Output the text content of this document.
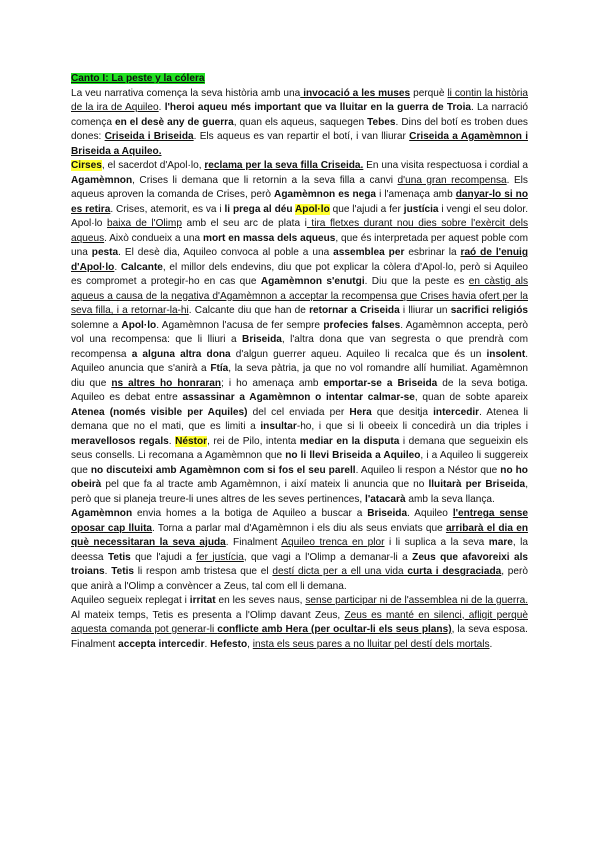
Canto I: La peste y la cólera

La veu narrativa comença la seva història amb una invocació a les muses perquè li contin la història de la ira de Aquileo. l'heroi aqueu més important que va lluitar en la guerra de Troia. La narració comença en el desè any de guerra, quan els aqueus, saquegen Tebes. Dins del botí es troben dues dones: Criseida i Briseida. Els aqueus es van repartir el botí, i van lliurar Criseida a Agamèmnon i Briseida a Aquileo.

Cirses, el sacerdot d'Apol·lo, reclama per la seva filla Criseida. En una visita respectuosa i cordial a Agamèmnon, Crises li demana que li retornin a la seva filla a canvi d'una gran recompensa. Els aqueus aproven la comanda de Crises, però Agamèmnon es nega i l'amenaça amb danyar-lo si no es retira. Crises, atemorit, es va i li prega al déu Apol·lo que l'ajudi a fer justícia i vengi el seu dolor. Apol·lo baixa de l'Olimp amb el seu arc de plata i tira fletxes durant nou dies sobre l'exèrcit dels aqueus. Això condueix a una mort en massa dels aqueus, que és interpretada per aquest poble com una pesta. El desè dia, Aquileo convoca al poble a una assemblea per esbrinar la raó de l'enuig d'Apol·lo. Calcante, el millor dels endevins, diu que pot explicar la còlera d'Apol·lo, però si Aquileo es compromet a protegir-ho en cas que Agamèmnon s'enutgi. Diu que la peste es en càstig als aqueus a causa de la negativa d'Agamèmnon a acceptar la recompensa que Crises havia ofert per la seva filla, i a retornar-la-hi. Calcante diu que han de retornar a Criseida i lliurar un sacrifici religiós solemne a Apol·lo. Agamèmnon l'acusa de fer sempre profecies falses. Agamèmnon accepta, però vol una recompensa: que li lliuri a Briseida, l'altra dona que van segresta o que prendrà com recompensa a alguna altra dona d'algun guerrer aqueu. Aquileo li recalca que és un insolent. Aquileo anuncia que s'anirà a Ftía, la seva pàtria, ja que no vol romandre allí humiliat. Agamèmnon diu que ns altres ho honraran; i ho amenaça amb emportar-se a Briseida de la seva botiga. Aquileo es debat entre assassinar a Agamèmnon o intentar calmar-se, quan de sobte apareix Atenea (només visible per Aquiles) del cel enviada per Hera que desitja intercedir. Atenea li demana que no el mati, que es limiti a insultar-ho, i que si li obeeix li concedirà un dia triples i meravellosos regals. Néstor, rei de Pilo, intenta mediar en la disputa i demana que segueixin els seus consells. Li recomana a Agamèmnon que no li llevi Briseida a Aquileo, i a Aquileo li suggereix que no discuteixi amb Agamèmnon com si fos el seu parell. Aquileo li respon a Néstor que no ho obeirà pel que fa al tracte amb Agamèmnon, i així mateix li anuncia que no lluitarà per Briseida, però que si planeja treure-li unes altres de les seves pertinences, l'atacarà amb la seva llança.

Agamèmnon envia homes a la botiga de Aquileo a buscar a Briseida. Aquileo l'entrega sense oposar cap lluita. Torna a parlar mal d'Agamèmnon i els diu als seus enviats que arribarà el dia en què necessitaran la seva ajuda. Finalment Aquileo trenca en plor i li suplica a la seva mare, la deessa Tetis que l'ajudi a fer justícia, que vagi a l'Olimp a demanar-li a Zeus que afavoreixi als troians. Tetis li respon amb tristesa que el destí dicta per a ell una vida curta i desgraciada, però que anirà a l'Olimp a convèncer a Zeus, tal com ell li demana.

Aquileo segueix replegat i irritat en les seves naus, sense participar ni de l'assemblea ni de la guerra. Al mateix temps, Tetis es presenta a l'Olimp davant Zeus, Zeus es manté en silenci, afligit perquè aquesta comanda pot generar-li conflicte amb Hera (per ocultar-li els seus plans), la seva esposa. Finalment accepta intercedir. Hefesto, insta els seus pares a no lluitar pel destí dels mortals.
